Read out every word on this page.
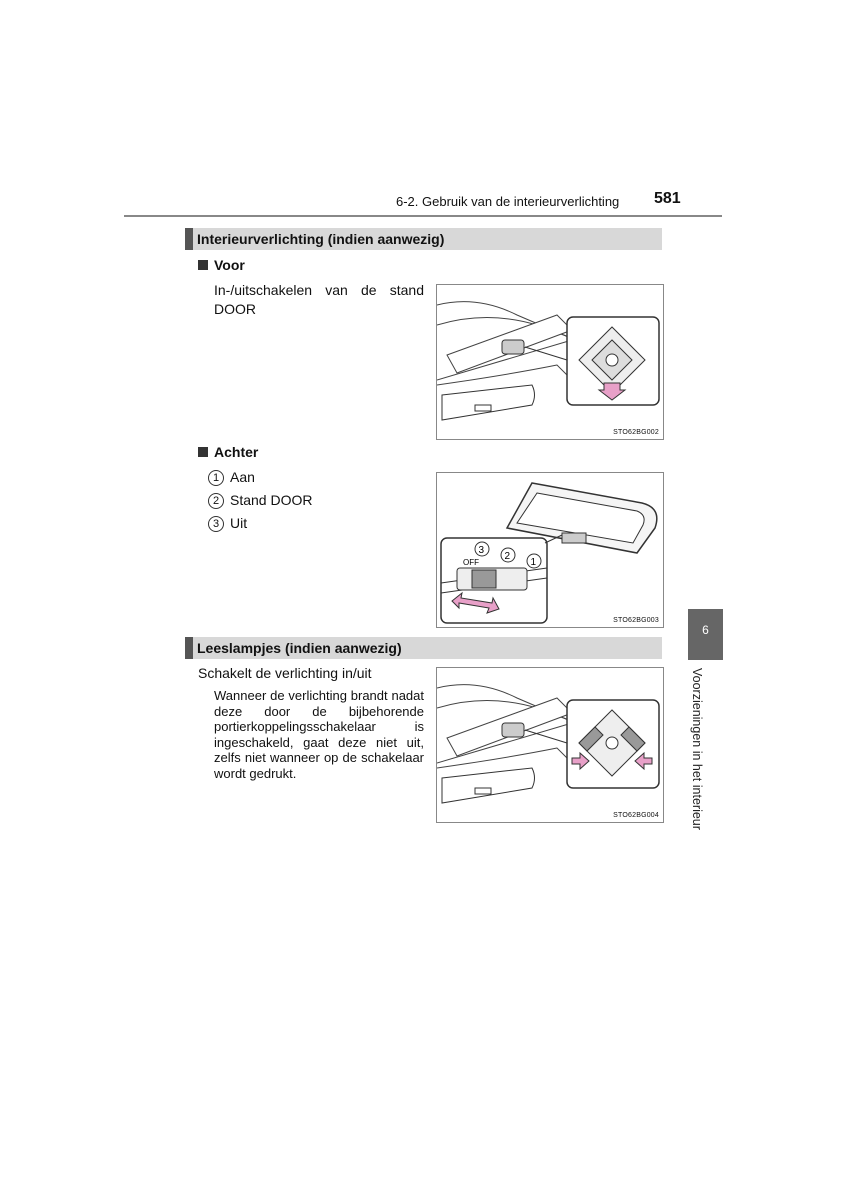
6-2. Gebruik van de interieurverlichting 581
Interieurverlichting (indien aanwezig)
Voor
In-/uitschakelen van de stand DOOR
STO62BG002
Achter
1 Aan
2 Stand DOOR
3 Uit
3
2
1
OFF
STO62BG003
Leeslampjes (indien aanwezig)
Schakelt de verlichting in/uit
Wanneer de verlichting brandt nadat deze door de bijbehorende portierkoppelingsschakelaar is ingeschakeld, gaat deze niet uit, zelfs niet wanneer op de schakelaar wordt gedrukt.
STO62BG004
6
Voorzieningen in het interieur
